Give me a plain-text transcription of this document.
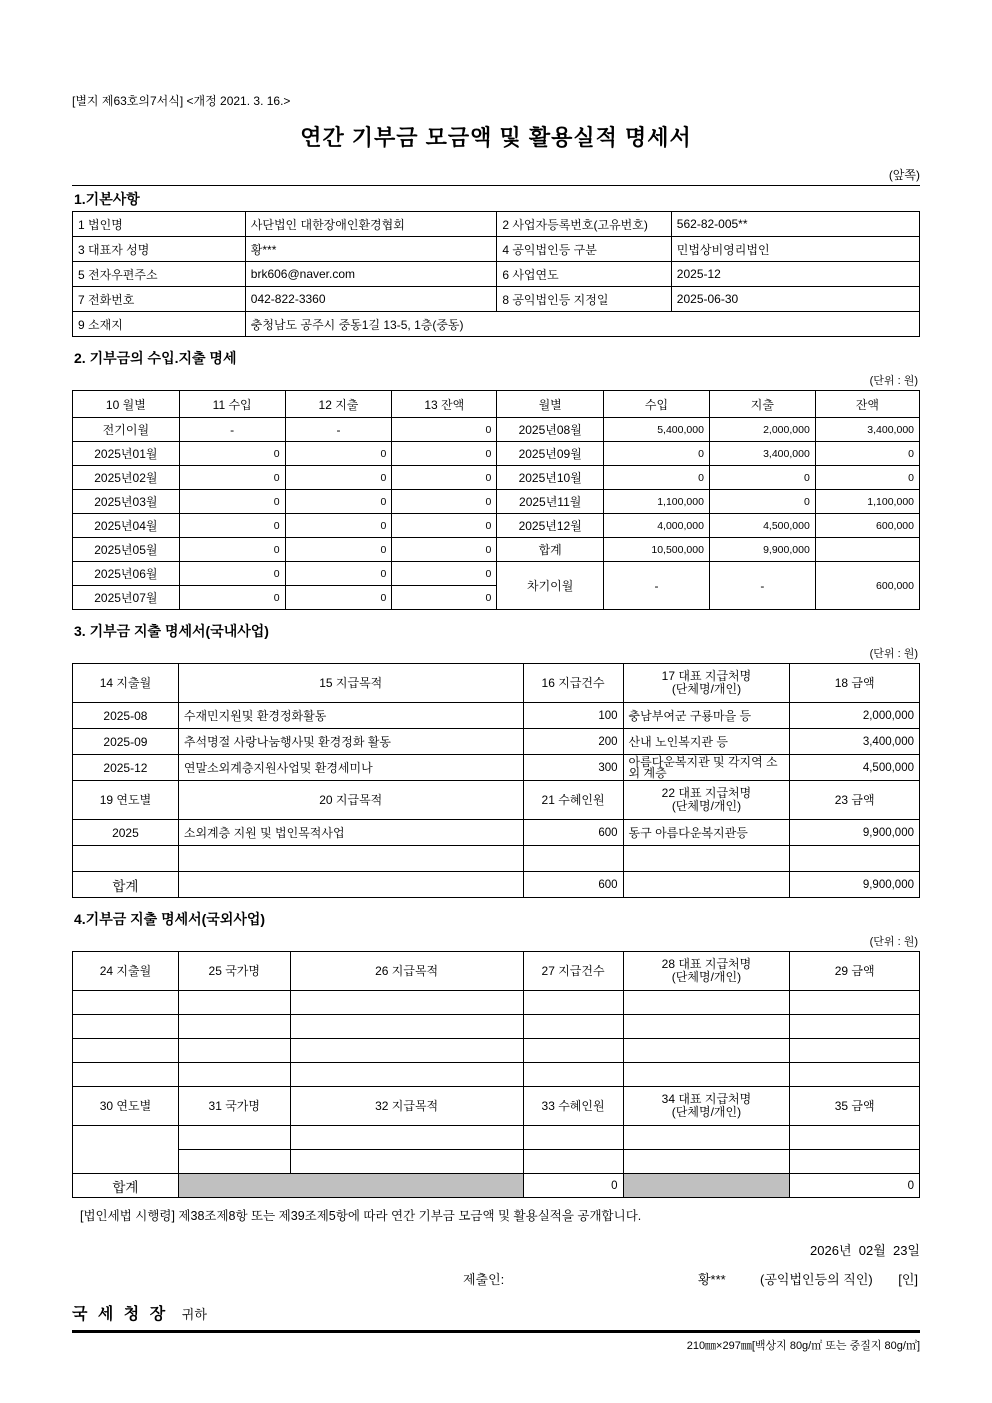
[별지 제63호의7서식] <개정 2021. 3. 16.>
연간 기부금 모금액 및 활용실적 명세서
(앞쪽)
1.기본사항
1 법인명	사단법인 대한장애인환경협회	2 사업자등록번호(고유번호)	562-82-005**
3 대표자 성명	황***	4 공익법인등 구분	민법상비영리법인
5 전자우편주소	brk606@naver.com	6 사업연도	2025-12
7 전화번호	042-822-3360	8 공익법인등 지정일	2025-06-30
9 소재지	충청남도 공주시 중동1길 13-5, 1층(중동)		
2. 기부금의 수입.지출 명세
(단위 : 원)
10 월별	11 수입	12 지출	13 잔액	월별	수입	지출	잔액
전기이월	-	-	0	2025년08월	5,400,000	2,000,000	3,400,000
2025년01월	0	0	0	2025년09월	0	3,400,000	0
2025년02월	0	0	0	2025년10월	0	0	0
2025년03월	0	0	0	2025년11월	1,100,000	0	1,100,000
2025년04월	0	0	0	2025년12월	4,000,000	4,500,000	600,000
2025년05월	0	0	0	합계	10,500,000	9,900,000	
2025년06월	0	0	0	차기이월	-	-	600,000
2025년07월	0	0	0				
3. 기부금 지출 명세서(국내사업)
(단위 : 원)
14 지출월	15 지급목적	16 지급건수	17 대표 지급처명
(단체명/개인)	18 금액
2025-08	수재민지원및 환경정화활동	100	충남부여군 구룡마을 등	2,000,000
2025-09	추석명절 사랑나눔행사및 환경정화 활동	200	산내 노인복지관 등	3,400,000
2025-12	연말소외계층지원사업및 환경세미나	300	아름다운복지관 및 각지역 소외 계층	4,500,000
19 연도별	20 지급목적	21 수혜인원	22 대표 지급처명
(단체명/개인)	23 금액
2025	소외계층 지원 및 법인목적사업	600	동구 아름다운복지관등	9,900,000

합계		600		9,900,000
4.기부금 지출 명세서(국외사업)
(단위 : 원)
24 지출월	25 국가명	26 지급목적	27 지급건수	28 대표 지급처명
(단체명/개인)	29 금액

30 연도별	31 국가명	32 지급목적	33 수혜인원	34 대표 지급처명
(단체명/개인)	35 금액

합계			0		0
[법인세법 시행령] 제38조제8항 또는 제39조제5항에 따라 연간 기부금 모금액 및 활용실적을 공개합니다.
2026년  02월  23일
제출인:	황***	(공익법인등의 직인) [인]
국 세 청 장 귀하
210㎜×297㎜[백상지 80g/㎡ 또는 중질지 80g/㎡]
